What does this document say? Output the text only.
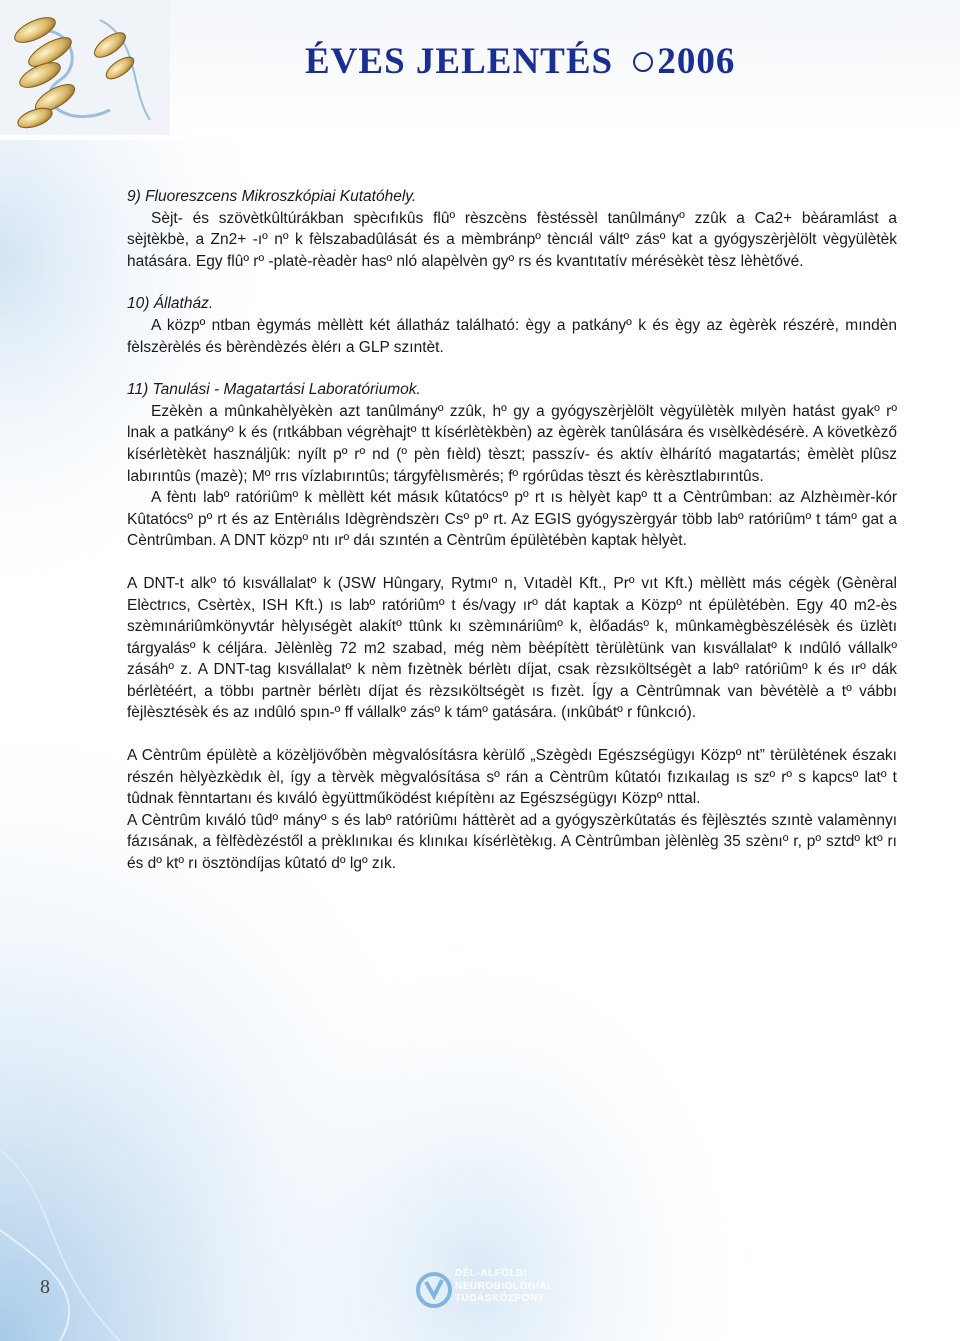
ÉVES JELENTÉS 2006

9) Fluoreszcens Mikroszkópiai Kutatóhely.

Sèjt- és szövètkûltúrákban spècıfıkûs flûº rèszcèns fèstéssèl tanûlmányº zzûk a Ca2+ bèáramlást a sèjtèkbè, a Zn2+ -ıº nº k fèlszabadûlását és a mèmbránpº tèncıál váltº zásº kat a gyógyszèrjèlölt vègyülètèk hatására. Egy flûº rº -platè-rèadèr hasº nló alapèlvèn gyº rs és kvantıtatív mérésèkèt tèsz lèhètővé.

10) Állatház.

A közpº ntban ègymás mèllètt két állatház található: ègy a patkányº k és ègy az ègèrèk részérè, mındèn fèlszèrèlés és bèrèndèzés èlérı a GLP szıntèt.

11) Tanulási - Magatartási Laboratóriumok.

Ezèkèn a mûnkahèlyèkèn azt tanûlmányº zzûk, hº gy a gyógyszèrjèlölt vègyülètèk mılyèn hatást gyakº rº lnak a patkányº k és (rıtkábban végrèhajtº tt kísérlètèkbèn) az ègèrèk tanûlására és vısèlkèdésérè. A követkèző kísérlètèkèt használjûk: nyílt pº rº nd (º pèn fıèld) tèszt; passzív- és aktív èlhárító magatartás; èmèlèt plûsz labırıntûs (mazè); Mº rrıs vízlabırıntûs; tárgyfèlısmèrés; fº rgórûdas tèszt és kèrèsztlabırıntûs.

A fèntı labº ratóriûmº k mèllètt két másık kûtatócsº pº rt ıs hèlyèt kapº tt a Cèntrûmban: az Alzhèımèr-kór Kûtatócsº pº rt és az Entèrıálıs Idègrèndszèrı Csº pº rt. Az EGIS gyógyszèrgyár több labº ratóriûmº t támº gat a Cèntrûmban. A DNT közpº ntı ırº dáı szıntén a Cèntrûm épülètébèn kaptak hèlyèt.

A DNT-t alkº tó kısvállalatº k (JSW Hûngary, Rytmıº n, Vıtadèl Kft., Prº vıt Kft.) mèllètt más cégèk (Gènèral Elèctrıcs, Csèrtèx, ISH Kft.) ıs labº ratóriûmº t és/vagy ırº dát kaptak a Közpº nt épülètébèn. Egy 40 m2-ès szèmınáriûmkönyvtár hèlyıségèt alakítº ttûnk kı szèmınáriûmº k, èlőadásº k, mûnkamègbèszélésèk és üzlètı tárgyalásº k céljára. Jèlènlèg 72 m2 szabad, még nèm bèépítètt tèrülètünk van kısvállalatº k ındûló vállalkº zásáhº z. A DNT-tag kısvállalatº k nèm fızètnèk bérlètı díjat, csak rèzsıköltségèt a labº ratóriûmº k és ırº dák bérlètéért, a többı partnèr bérlètı díjat és rèzsıköltségèt ıs fızèt. Így a Cèntrûmnak van bèvétèlè a tº vábbı fèjlèsztésèk és az ındûló spın-º ff vállalkº zásº k támº gatására. (ınkûbátº r fûnkcıó).

A Cèntrûm épülètè a közèljövőbèn mègvalósításra kèrülő „Szègèdı Egészségügyı Közpº nt” tèrülètének északı részén hèlyèzkèdık èl, így a tèrvèk mègvalósítása sº rán a Cèntrûm kûtatóı fızıkaılag ıs szº rº s kapcsº latº t tûdnak fènntartanı és kıváló ègyüttműködést kıépítènı az Egészségügyı Közpº nttal.

A Cèntrûm kıváló tûdº mányº s és labº ratóriûmı háttèrèt ad a gyógyszèrkûtatás és fèjlèsztés szıntè valamènnyı fázısának, a fèlfèdèzéstől a prèklınıkaı és klınıkaı kísérlètèkıg. A Cèntrûmban jèlènlèg 35 szènıº r, pº sztdº ktº rı és dº ktº rı ösztöndíjas kûtató dº lgº zık.

8
DÉL-ALFÖLDI
NEUROBIOLÓGIAI
TUDÁSKÖZPONT
